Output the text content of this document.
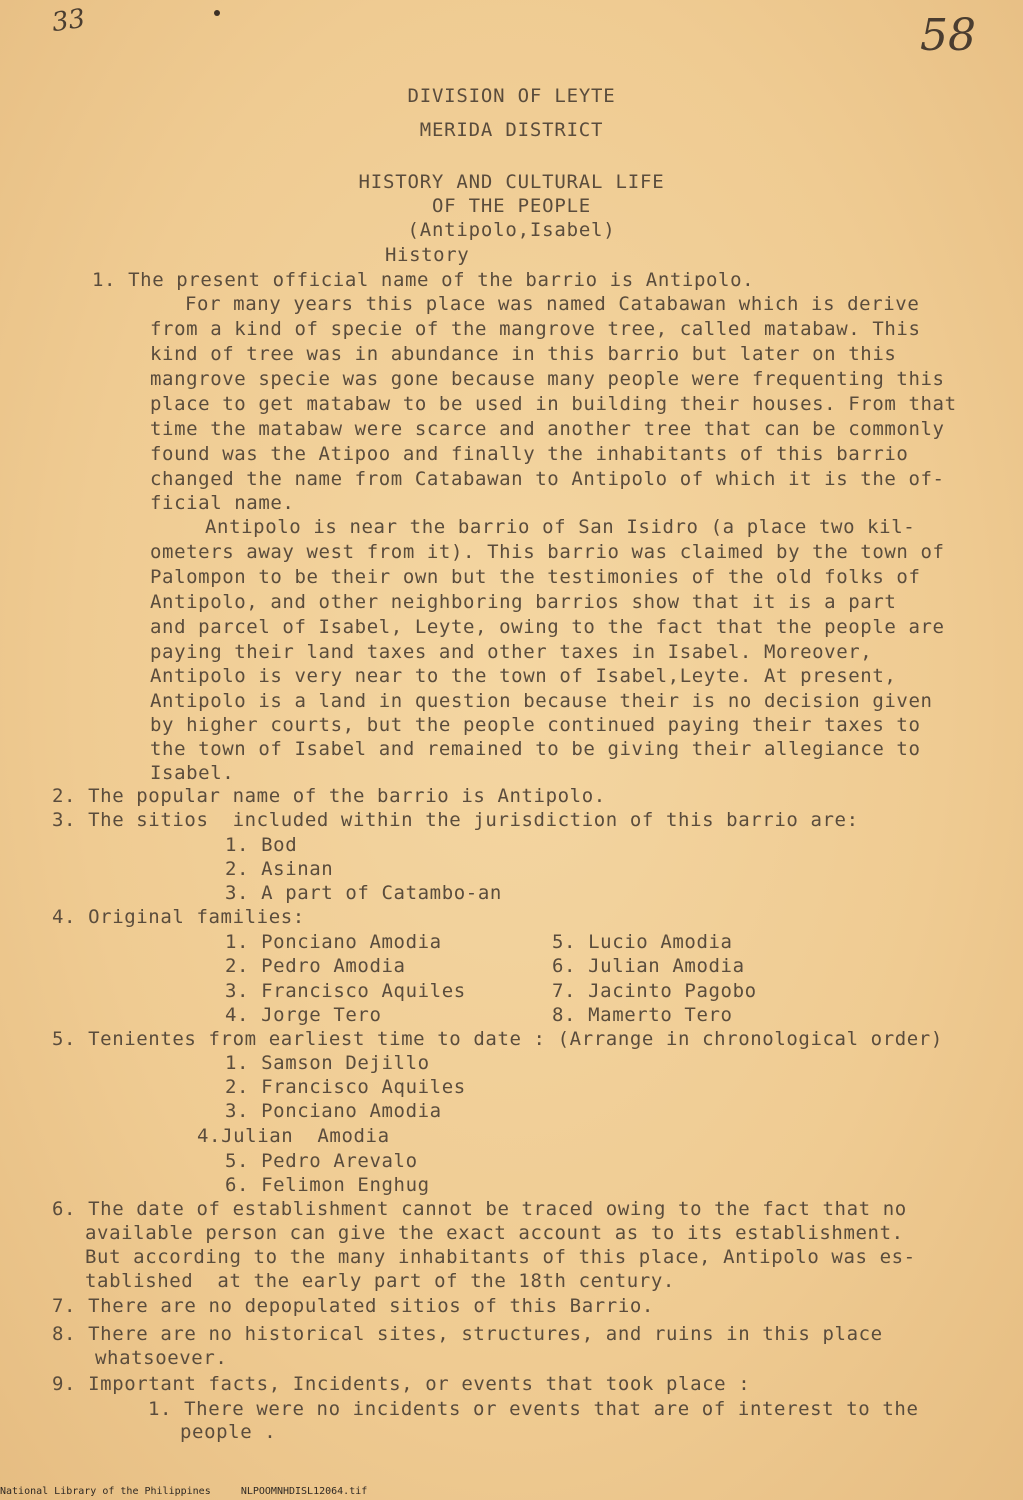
33	58
DIVISION OF LEYTE
MERIDA DISTRICT
HISTORY AND CULTURAL LIFE
OF THE PEOPLE
(Antipolo,Isabel)
History
1. The present official name of the barrio is Antipolo.
For many years this place was named Catabawan which is derive
from a kind of specie of the mangrove tree, called matabaw. This
kind of tree was in abundance in this barrio but later on this
mangrove specie was gone because many people were frequenting this
place to get matabaw to be used in building their houses. From that
time the matabaw were scarce and another tree that can be commonly
found was the Atipoo and finally the inhabitants of this barrio
changed the name from Catabawan to Antipolo of which it is the of-
ficial name.
Antipolo is near the barrio of San Isidro (a place two kil-
ometers away west from it). This barrio was claimed by the town of
Palompon to be their own but the testimonies of the old folks of
Antipolo, and other neighboring barrios show that it is a part
and parcel of Isabel, Leyte, owing to the fact that the people are
paying their land taxes and other taxes in Isabel. Moreover,
Antipolo is very near to the town of Isabel,Leyte. At present,
Antipolo is a land in question because their is no decision given
by higher courts, but the people continued paying their taxes to
the town of Isabel and remained to be giving their allegiance to
Isabel.
2. The popular name of the barrio is Antipolo.
3. The sitios  included within the jurisdiction of this barrio are:
1. Bod
2. Asinan
3. A part of Catambo-an
4. Original families:
1. Ponciano Amodia
2. Pedro Amodia
3. Francisco Aquiles
4. Jorge Tero
5. Lucio Amodia
6. Julian Amodia
7. Jacinto Pagobo
8. Mamerto Tero
5. Tenientes from earliest time to date : (Arrange in chronological order)
1. Samson Dejillo
2. Francisco Aquiles
3. Ponciano Amodia
4.Julian  Amodia
5. Pedro Arevalo
6. Felimon Enghug
6. The date of establishment cannot be traced owing to the fact that no
available person can give the exact account as to its establishment.
But according to the many inhabitants of this place, Antipolo was es-
tablished  at the early part of the 18th century.
7. There are no depopulated sitios of this Barrio.
8. There are no historical sites, structures, and ruins in this place
whatsoever.
9. Important facts, Incidents, or events that took place :
1. There were no incidents or events that are of interest to the
people .
National Library of the Philippines	NLPOOMNHDISL12064.tif
